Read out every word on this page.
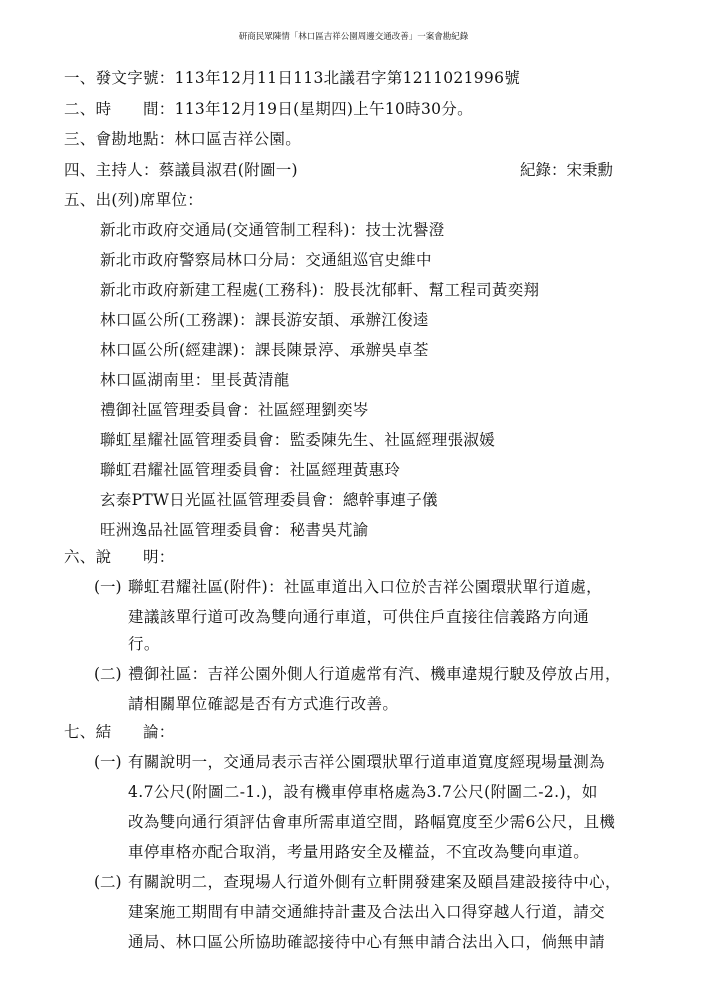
研商民眾陳情「林口區吉祥公園周邊交通改善」一案會勘紀錄
一、發文字號：113年12月11日113北議君字第1211021996號
二、時　　間：113年12月19日(星期四)上午10時30分。
三、會勘地點：林口區吉祥公園。
四、主持人：蔡議員淑君(附圖一)	紀錄：宋秉勳
五、出(列)席單位：
新北市政府交通局(交通管制工程科)：技士沈譽澄
新北市政府警察局林口分局：交通組巡官史維中
新北市政府新建工程處(工務科)：股長沈郁軒、幫工程司黃奕翔
林口區公所(工務課)：課長游安頡、承辦江俊逵
林口區公所(經建課)：課長陳景渟、承辦吳卓荃
林口區湖南里：里長黃清龍
禮御社區管理委員會：社區經理劉奕岑
聯虹星耀社區管理委員會：監委陳先生、社區經理張淑媛
聯虹君耀社區管理委員會：社區經理黃惠玲
玄泰PTW日光區社區管理委員會：總幹事連子儀
旺洲逸品社區管理委員會：秘書吳芃諭
六、說　　明：
(一) 聯虹君耀社區(附件)：社區車道出入口位於吉祥公園環狀單行道處，
建議該單行道可改為雙向通行車道，可供住戶直接往信義路方向通
行。
(二) 禮御社區：吉祥公園外側人行道處常有汽、機車違規行駛及停放占用，
請相關單位確認是否有方式進行改善。
七、結　　論：
(一) 有關說明一，交通局表示吉祥公園環狀單行道車道寬度經現場量測為
4.7公尺(附圖二-1.)，設有機車停車格處為3.7公尺(附圖二-2.)，如
改為雙向通行須評估會車所需車道空間，路幅寬度至少需6公尺，且機
車停車格亦配合取消，考量用路安全及權益，不宜改為雙向車道。
(二) 有關說明二，查現場人行道外側有立軒開發建案及頤昌建設接待中心，
建案施工期間有申請交通維持計畫及合法出入口得穿越人行道，請交
通局、林口區公所協助確認接待中心有無申請合法出入口，倘無申請
